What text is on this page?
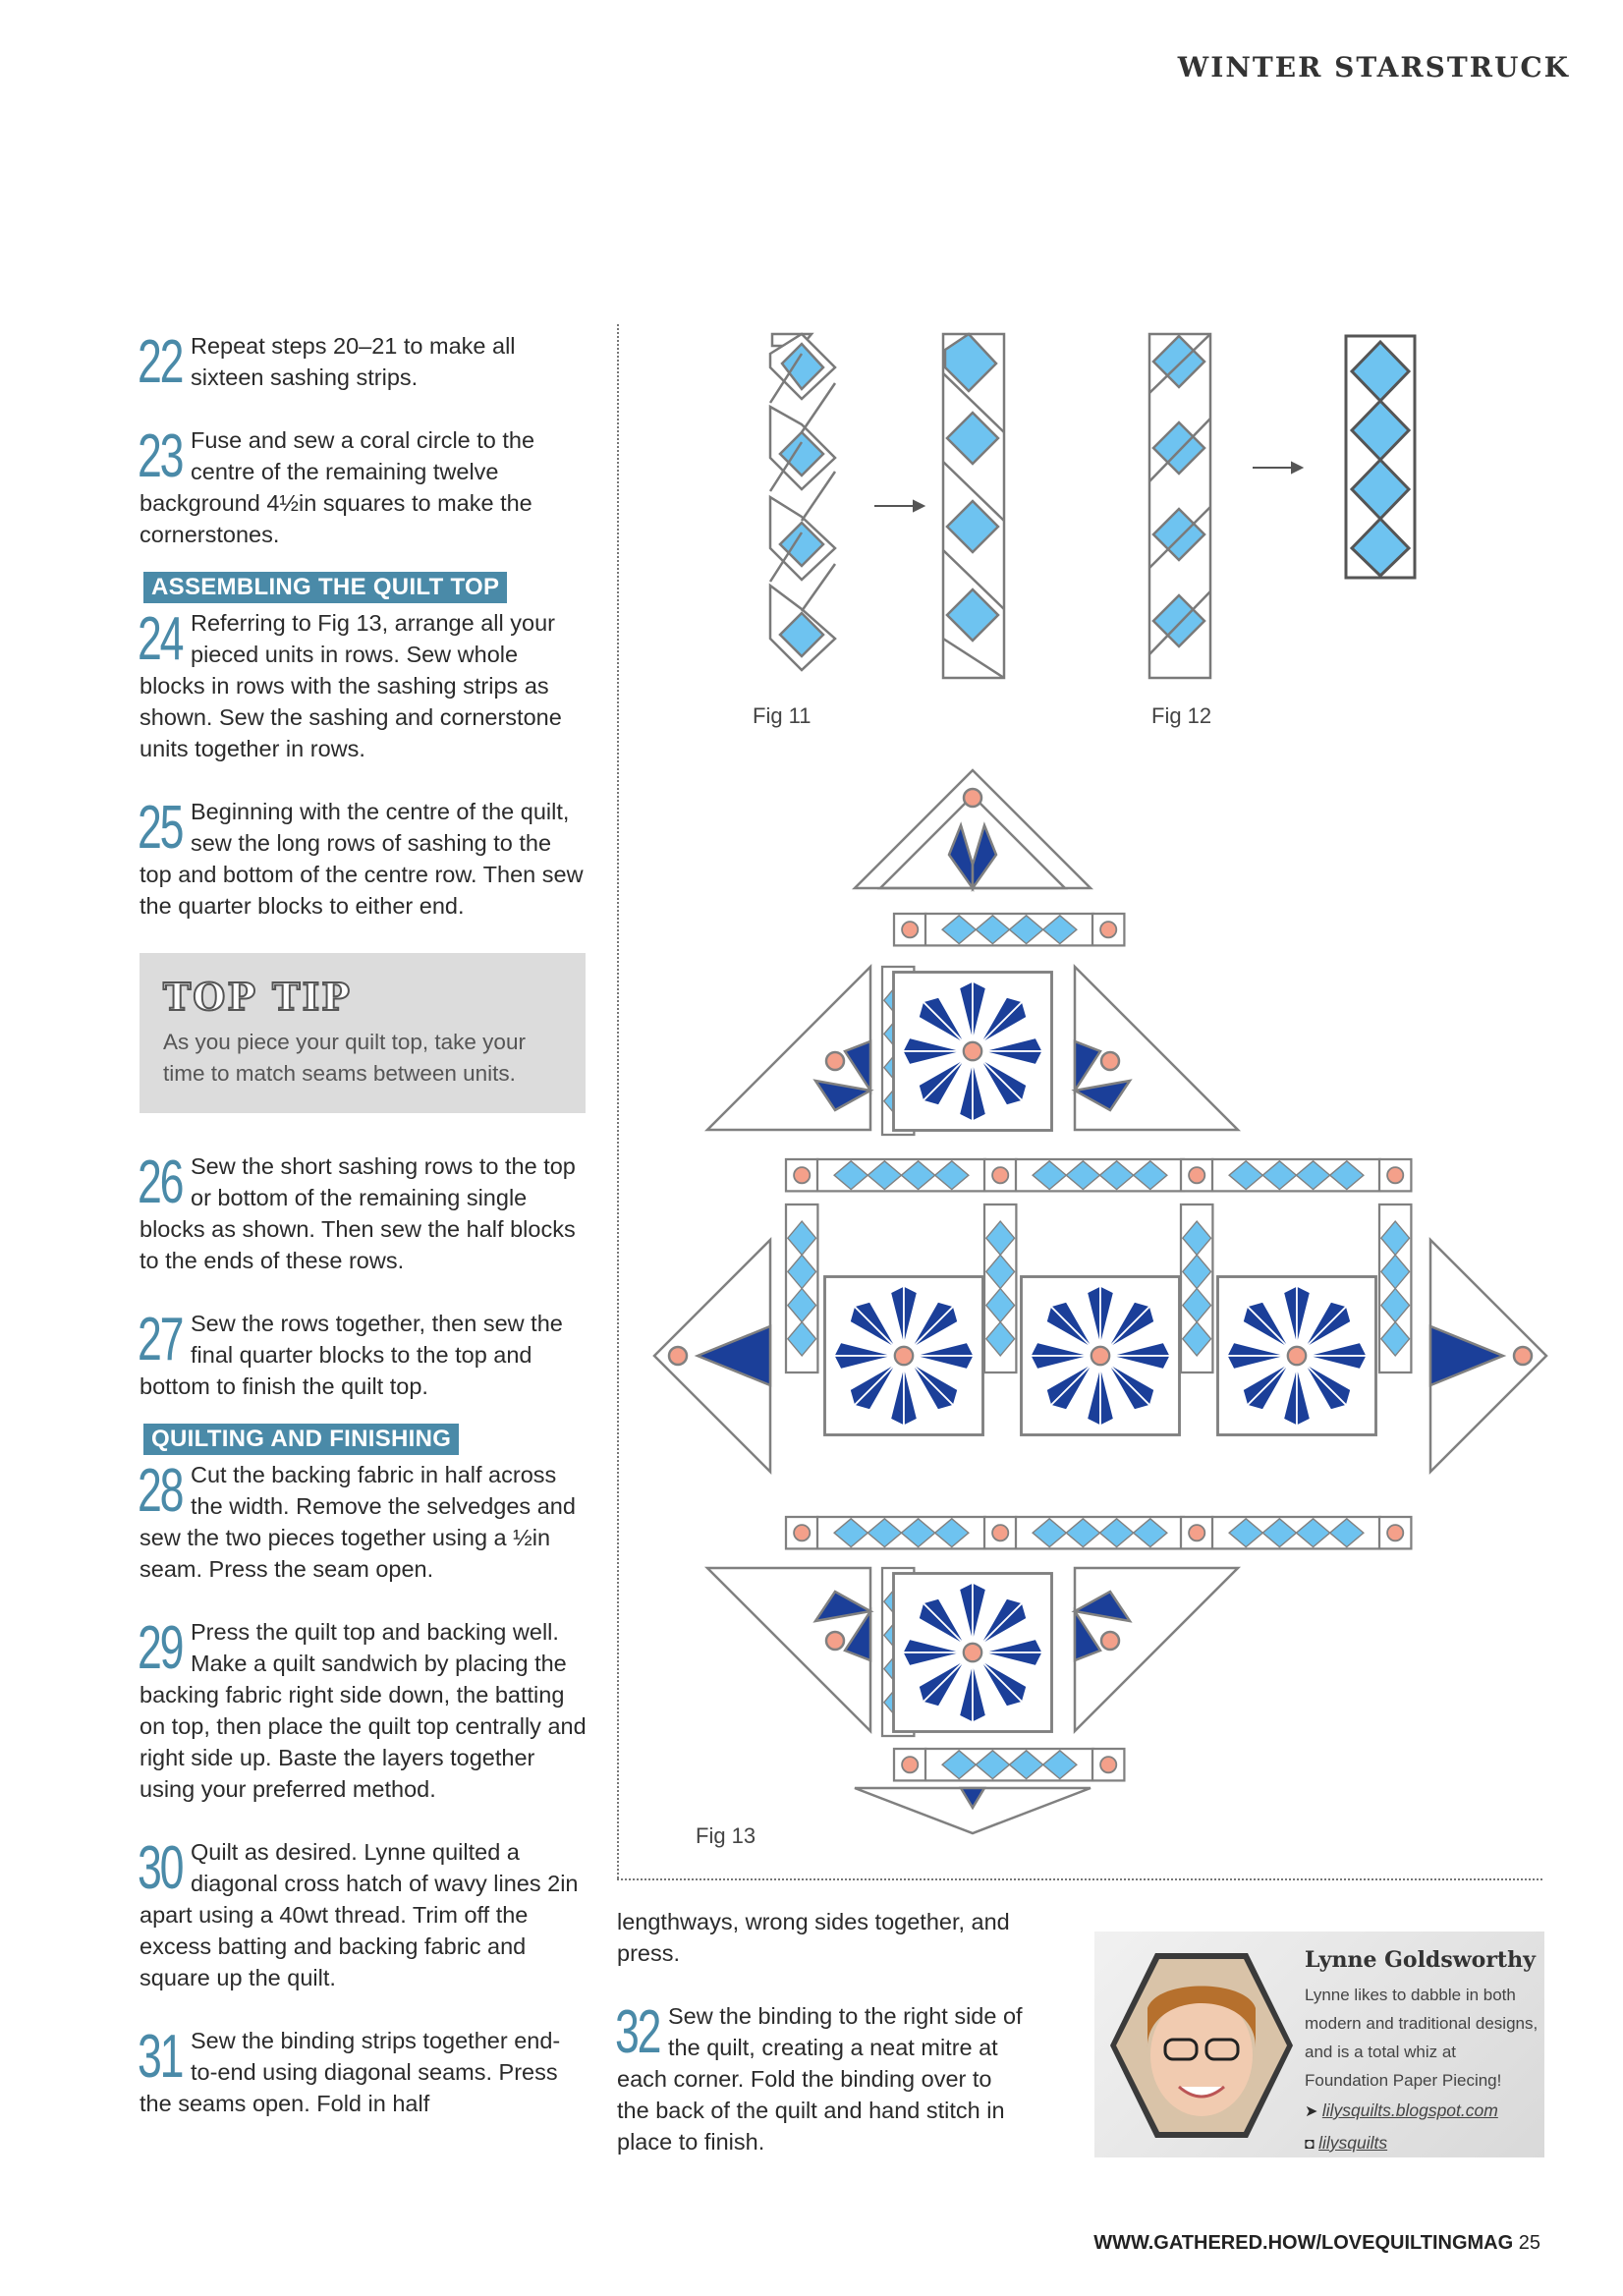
WINTER STARSTRUCK
22 Repeat steps 20–21 to make all sixteen sashing strips.
23 Fuse and sew a coral circle to the centre of the remaining twelve background 4½in squares to make the cornerstones.
ASSEMBLING THE QUILT TOP
24 Referring to Fig 13, arrange all your pieced units in rows. Sew whole blocks in rows with the sashing strips as shown. Sew the sashing and cornerstone units together in rows.
25 Beginning with the centre of the quilt, sew the long rows of sashing to the top and bottom of the centre row. Then sew the quarter blocks to either end.
TOP TIP
As you piece your quilt top, take your time to match seams between units.
26 Sew the short sashing rows to the top or bottom of the remaining single blocks as shown. Then sew the half blocks to the ends of these rows.
27 Sew the rows together, then sew the final quarter blocks to the top and bottom to finish the quilt top.
QUILTING AND FINISHING
28 Cut the backing fabric in half across the width. Remove the selvedges and sew the two pieces together using a ½in seam. Press the seam open.
29 Press the quilt top and backing well. Make a quilt sandwich by placing the backing fabric right side down, the batting on top, then place the quilt top centrally and right side up. Baste the layers together using your preferred method.
30 Quilt as desired. Lynne quilted a diagonal cross hatch of wavy lines 2in apart using a 40wt thread. Trim off the excess batting and backing fabric and square up the quilt.
31 Sew the binding strips together end-to-end using diagonal seams. Press the seams open. Fold in half
Fig 11	Fig 12
Fig 13
lengthways, wrong sides together, and press.
32 Sew the binding to the right side of the quilt, creating a neat mitre at each corner. Fold the binding over to the back of the quilt and hand stitch in place to finish.
Lynne Goldsworthy
Lynne likes to dabble in both modern and traditional designs, and is a total whiz at Foundation Paper Piecing!
➤ lilysquilts.blogspot.com
◘ lilysquilts
WWW.GATHERED.HOW/LOVEQUILTINGMAG 25
